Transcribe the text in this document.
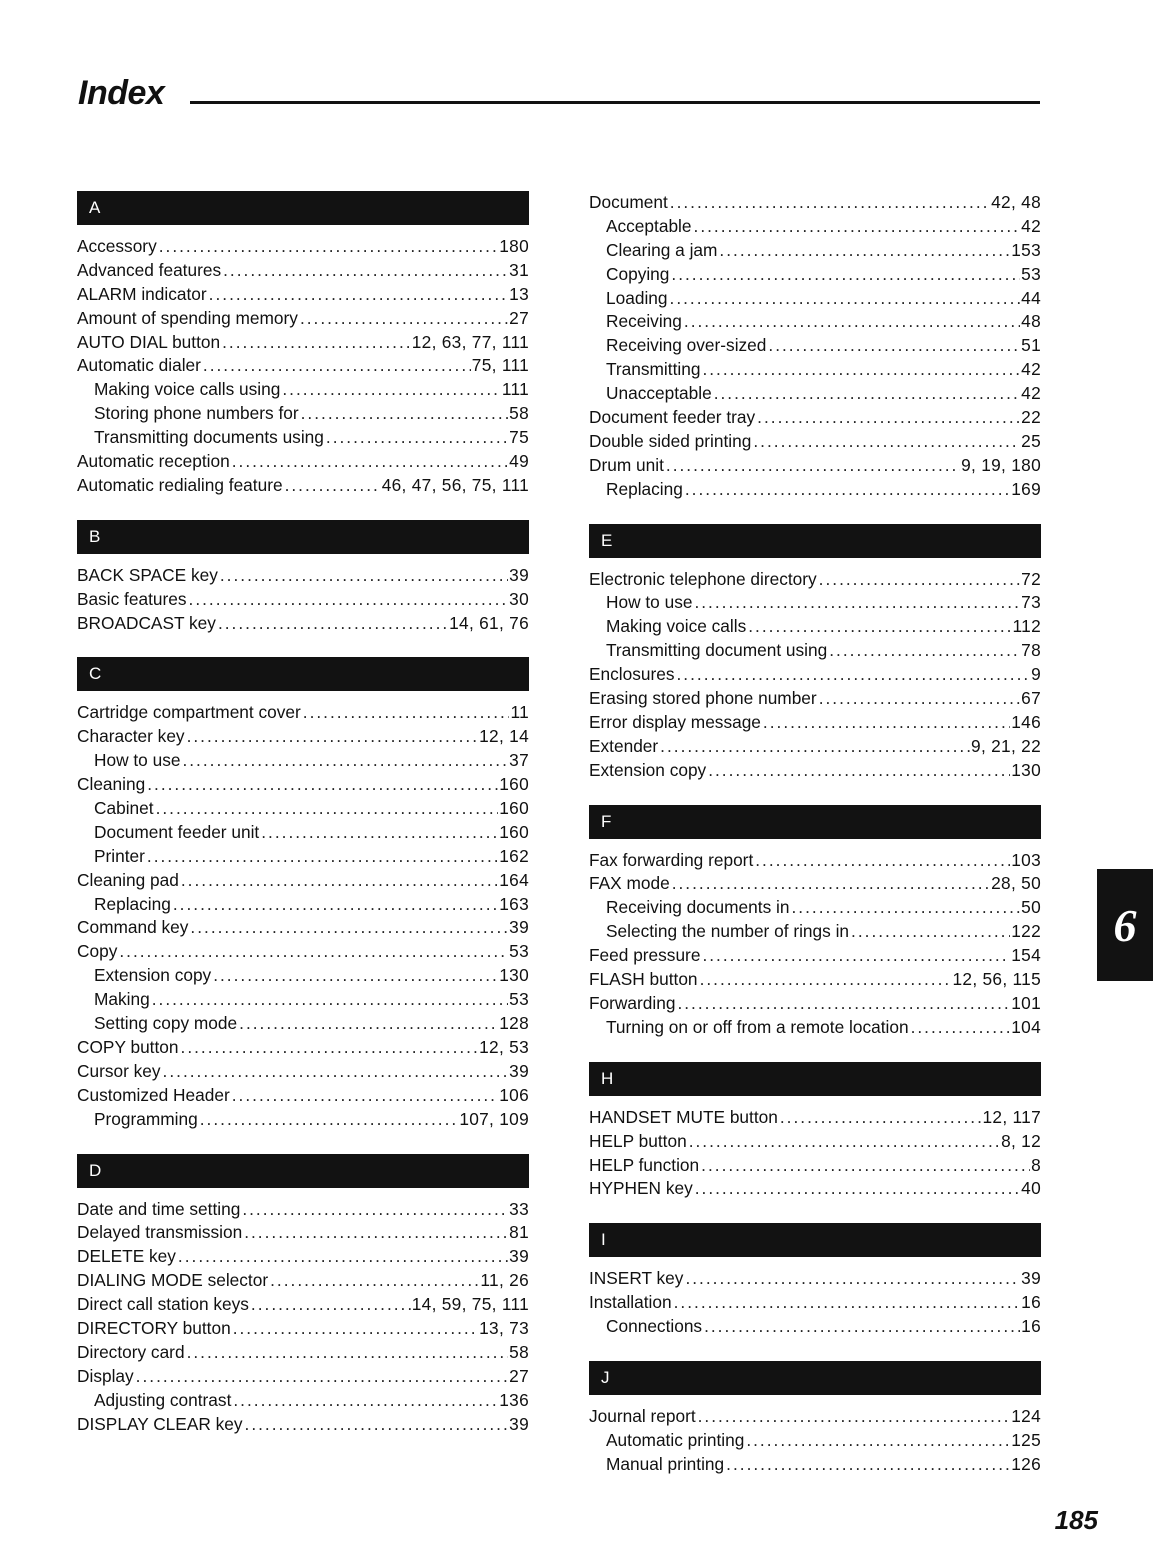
Index
A
Accessory .....	180
Advanced features .....	31
ALARM indicator .....	13
Amount of spending memory .....	27
AUTO DIAL button .....	12, 63, 77, 111
Automatic dialer .....	75, 111
Making voice calls using .....	111
Storing phone numbers for .....	58
Transmitting documents using .....	75
Automatic reception .....	49
Automatic redialing feature .....	46, 47, 56, 75, 111
B
BACK SPACE key .....	39
Basic features .....	30
BROADCAST key .....	14, 61, 76
C
Cartridge compartment cover .....	11
Character key .....	12, 14
How to use .....	37
Cleaning .....	160
Cabinet .....	160
Document feeder unit .....	160
Printer .....	162
Cleaning pad .....	164
Replacing .....	163
Command key .....	39
Copy .....	53
Extension copy .....	130
Making .....	53
Setting copy mode .....	128
COPY button .....	12, 53
Cursor key .....	39
Customized Header .....	106
Programming .....	107, 109
D
Date and time setting .....	33
Delayed transmission .....	81
DELETE key .....	39
DIALING MODE selector .....	11, 26
Direct call station keys .....	14, 59, 75, 111
DIRECTORY button .....	13, 73
Directory card .....	58
Display .....	27
Adjusting contrast .....	136
DISPLAY CLEAR key .....	39
Document .....	42, 48
Acceptable .....	42
Clearing a jam .....	153
Copying .....	53
Loading .....	44
Receiving .....	48
Receiving over-sized .....	51
Transmitting .....	42
Unacceptable .....	42
Document feeder tray .....	22
Double sided printing .....	25
Drum unit .....	9, 19, 180
Replacing .....	169
E
Electronic telephone directory .....	72
How to use .....	73
Making voice calls .....	112
Transmitting document using .....	78
Enclosures .....	9
Erasing stored phone number .....	67
Error display message .....	146
Extender .....	9, 21, 22
Extension copy .....	130
F
Fax forwarding report .....	103
FAX mode .....	28, 50
Receiving documents in .....	50
Selecting the number of rings in .....	122
Feed pressure .....	154
FLASH button .....	12, 56, 115
Forwarding .....	101
Turning on or off from a remote location .....	104
H
HANDSET MUTE button .....	12, 117
HELP button .....	8, 12
HELP function .....	8
HYPHEN key .....	40
I
INSERT key .....	39
Installation .....	16
Connections .....	16
J
Journal report .....	124
Automatic printing .....	125
Manual printing .....	126
6
185
